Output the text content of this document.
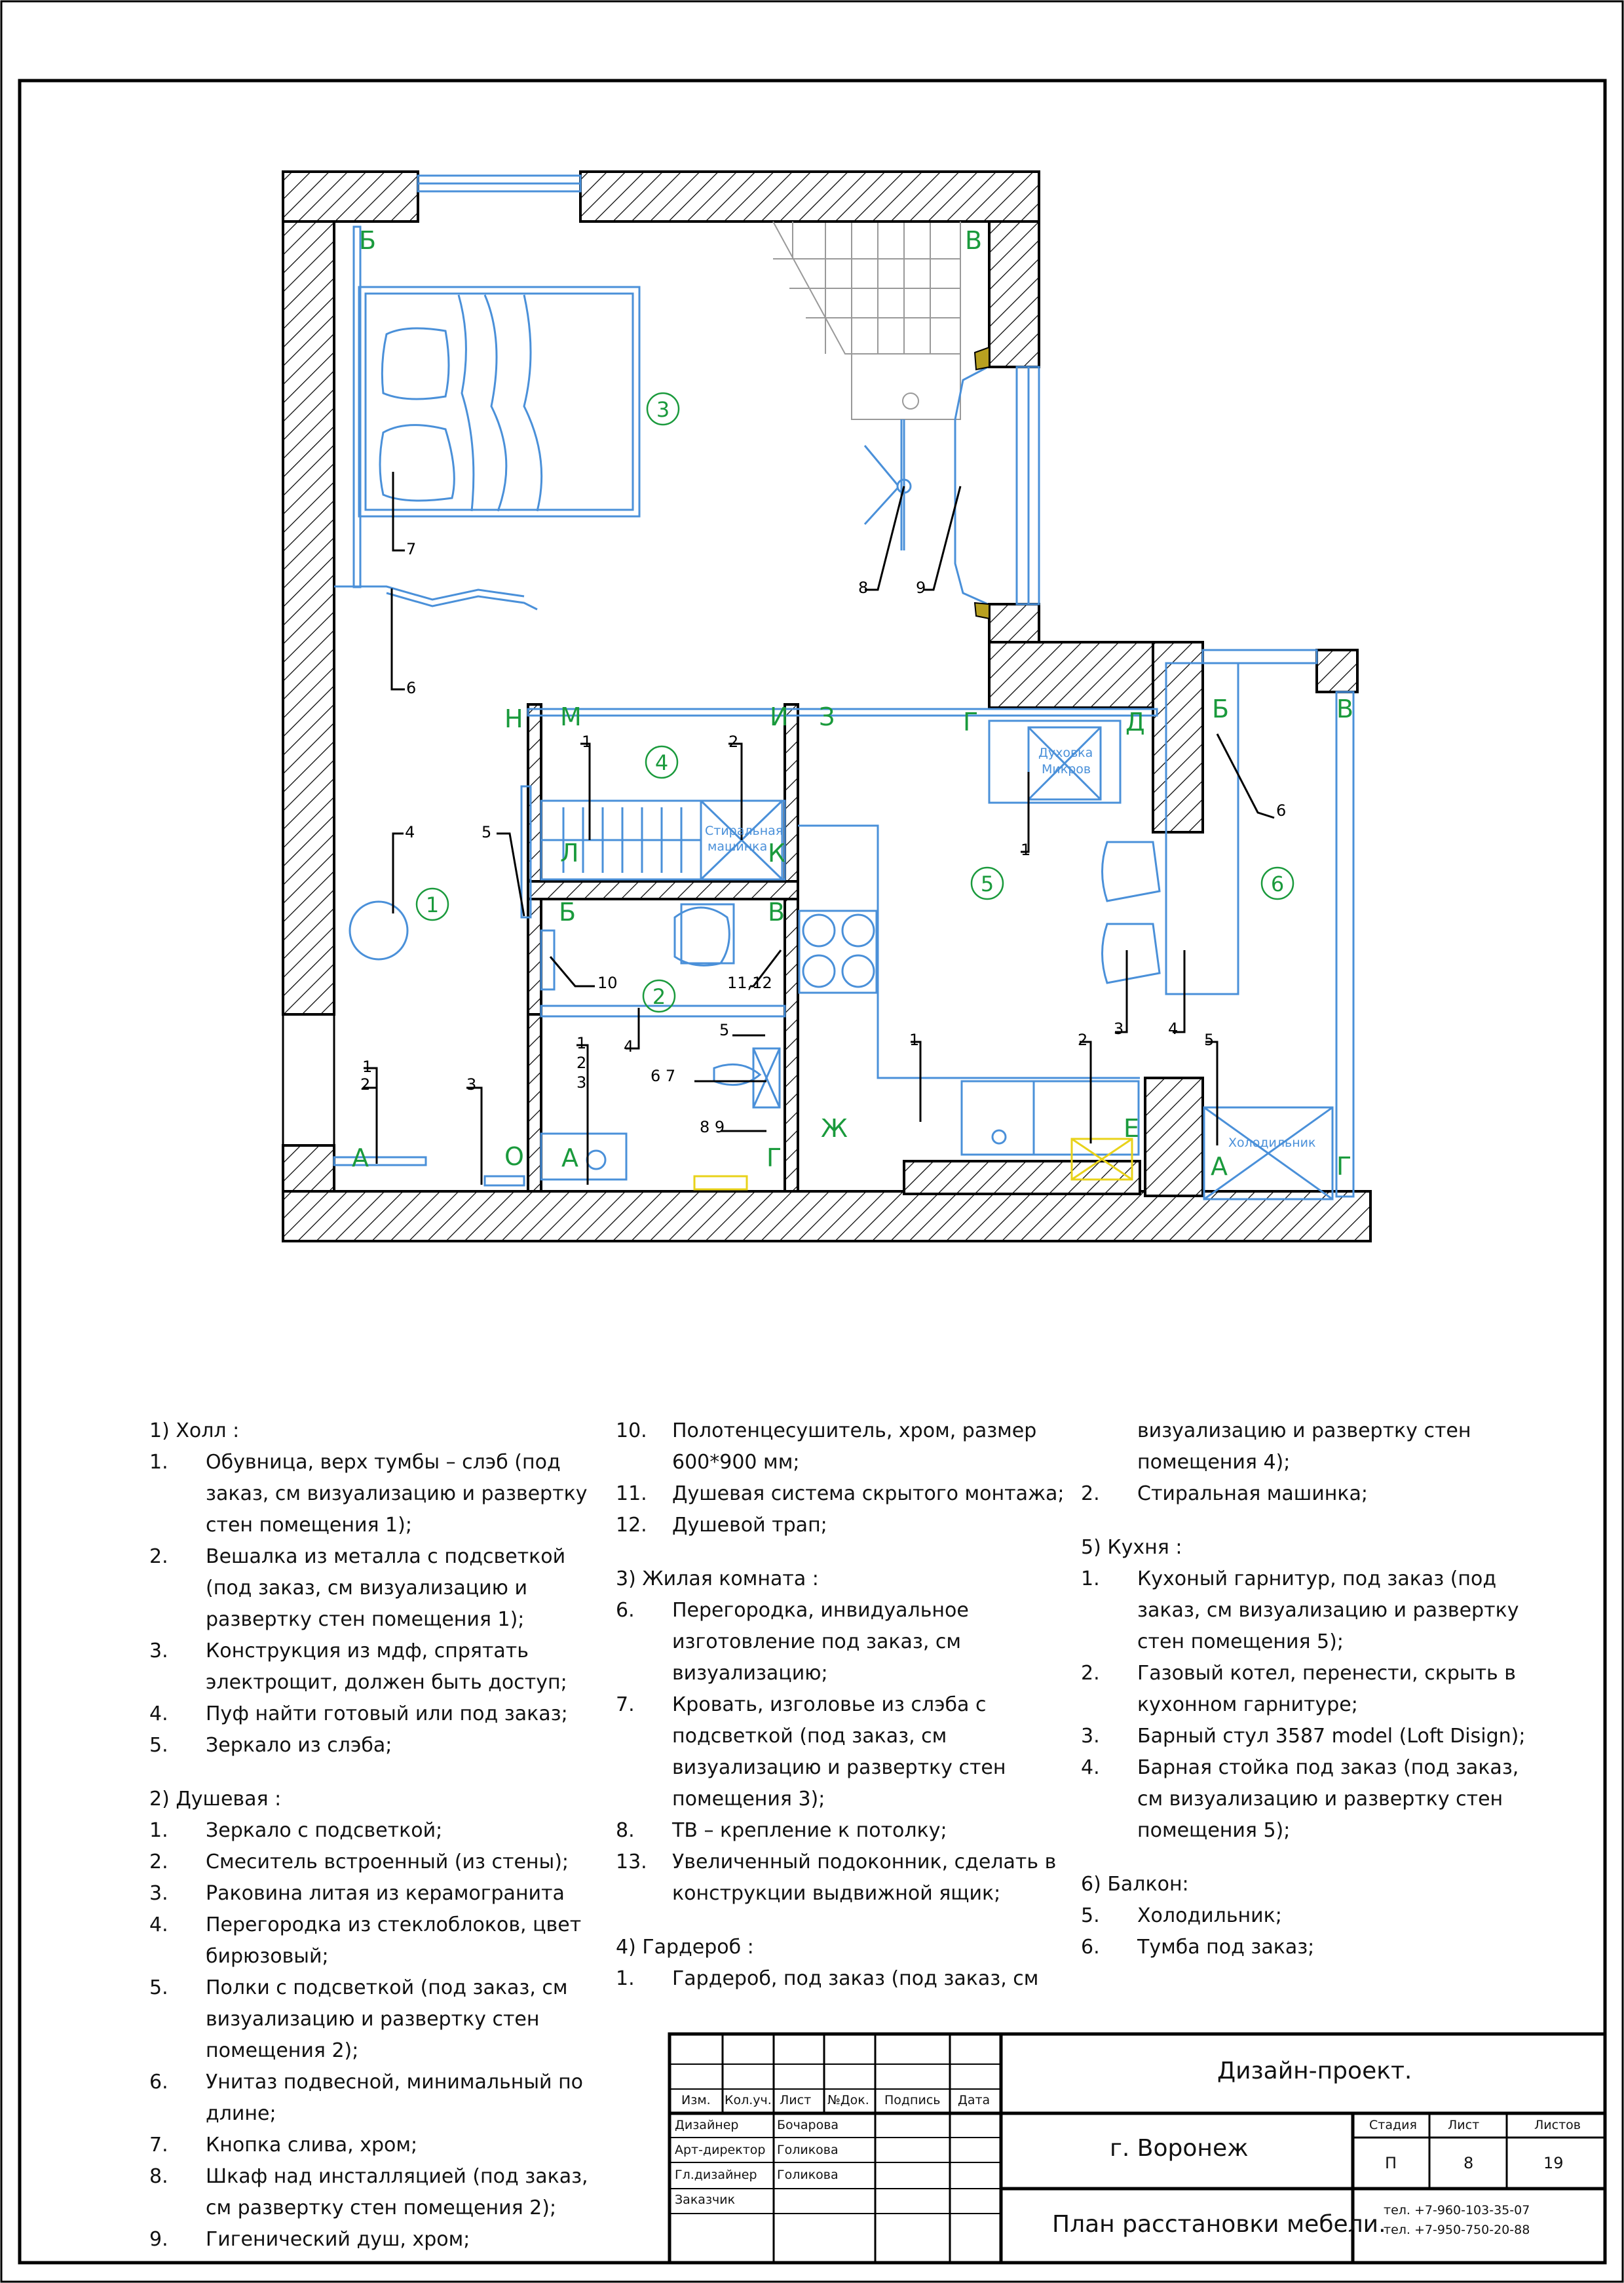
1
2
3
4
5	6
Б	В
Н М	И З	Г	Д	Б	В
Л	К
Б	В
А	О А	Г
Ж	Е
А	Г
7
6
4	5
1
2	3
8	9
1	2
10	11,12
4
5
1
2
3	6 7
8 9
1	2
3	4
5
1
6
Стиральная
машинка
Духовка
Микров
Холодильник
1) Холл :
1.	Обувница, верх тумбы – слэб (под заказ, см визуализацию и развертку стен помещения 1);
2.	Вешалка из металла с подсветкой (под заказ, см визуализацию и развертку стен помещения 1);
3.	Конструкция из мдф, спрятать электрощит, должен быть доступ;
4.	Пуф найти готовый или под заказ;
5.	Зеркало из слэба;
2) Душевая :
1.	Зеркало с подсветкой;
2.	Смеситель встроенный (из стены);
3.	Раковина литая из керамогранита
4.	Перегородка из стеклоблоков, цвет бирюзовый;
5.	Полки с подсветкой (под заказ, см визуализацию и развертку стен помещения 2);
6.	Унитаз подвесной, минимальный по длине;
7.	Кнопка слива, хром;
8.	Шкаф над инсталляцией (под заказ, см развертку стен помещения 2);
9.	Гигенический душ, хром;
10.	Полотенцесушитель, хром, размер 600*900 мм;
11.	Душевая система скрытого монтажа;
12.	Душевой трап;
3) Жилая комната :
6.	Перегородка, инвидуальное изготовление под заказ, см визуализацию;
7.	Кровать, изголовье из слэба с подсветкой (под заказ, см визуализацию и развертку стен помещения 3);
8.	ТВ – крепление к потолку;
13.	Увеличенный подоконник, сделать в конструкции выдвижной ящик;
4) Гардероб :
1.	Гардероб, под заказ (под заказ, см
визуализацию и развертку стен помещения 4);
2.	Стиральная машинка;
5) Кухня :
1.	Кухоный гарнитур, под заказ (под заказ, см визуализацию и развертку стен помещения 5);
2.	Газовый котел, перенести, скрыть в кухонном гарнитуре;
3.	Барный стул 3587 model (Loft Disign);
4.	Барная стойка под заказ (под заказ, см визуализацию и развертку стен помещения 5);
6) Балкон:
5.	Холодильник;
6.	Тумба под заказ;
Изм. Кол.уч. Лист №Док. Подпись Дата
Дизайнер	Бочарова
Арт-директор Голикова
Гл.дизайнер Голикова
Заказчик
Дизайн-проект.
г. Воронеж
План расстановки мебели.
Стадия Лист	Листов
П	8	19
тел. +7-960-103-35-07
тел. +7-950-750-20-88
